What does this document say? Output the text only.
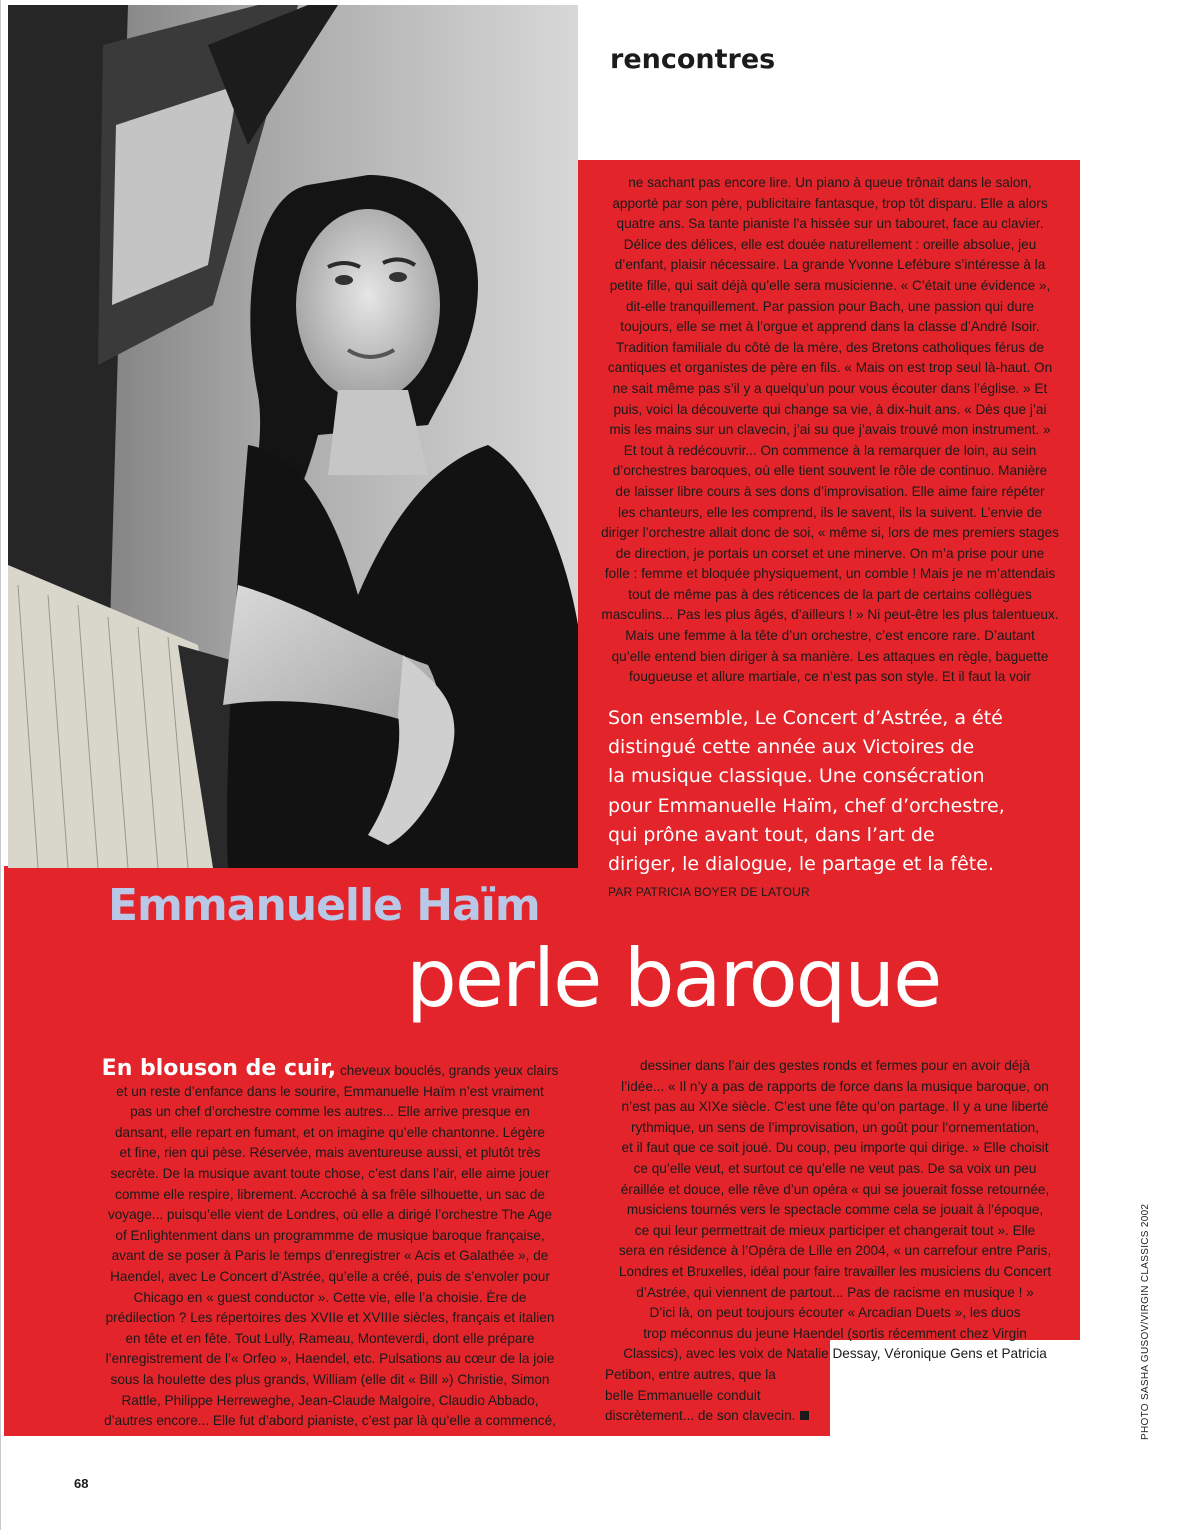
rencontres
ne sachant pas encore lire. Un piano à queue trônait dans le salon,
apporté par son père, publicitaire fantasque, trop tôt disparu. Elle a alors
quatre ans. Sa tante pianiste l’a hissée sur un tabouret, face au clavier.
Délice des délices, elle est douée naturellement : oreille absolue, jeu
d’enfant, plaisir nécessaire. La grande Yvonne Lefébure s’intéresse à la
petite fille, qui sait déjà qu’elle sera musicienne. « C’était une évidence »,
dit-elle tranquillement. Par passion pour Bach, une passion qui dure
toujours, elle se met à l’orgue et apprend dans la classe d’André Isoir.
Tradition familiale du côté de la mère, des Bretons catholiques férus de
cantiques et organistes de père en fils. « Mais on est trop seul là-haut. On
ne sait même pas s’il y a quelqu’un pour vous écouter dans l’église. » Et
puis, voici la découverte qui change sa vie, à dix-huit ans. « Dès que j’ai
mis les mains sur un clavecin, j’ai su que j’avais trouvé mon instrument. »
Et tout à redécouvrir... On commence à la remarquer de loin, au sein
d’orchestres baroques, où elle tient souvent le rôle de continuo. Manière
de laisser libre cours à ses dons d’improvisation. Elle aime faire répéter
les chanteurs, elle les comprend, ils le savent, ils la suivent. L’envie de
diriger l’orchestre allait donc de soi, « même si, lors de mes premiers stages
de direction, je portais un corset et une minerve. On m’a prise pour une
folle : femme et bloquée physiquement, un comble ! Mais je ne m’attendais
tout de même pas à des réticences de la part de certains collègues
masculins... Pas les plus âgés, d’ailleurs ! » Ni peut-être les plus talentueux.
Mais une femme à la tête d’un orchestre, c’est encore rare. D’autant
qu’elle entend bien diriger à sa manière. Les attaques en règle, baguette
fougueuse et allure martiale, ce n’est pas son style. Et il faut la voir
Son ensemble, Le Concert d’Astrée, a été
distingué cette année aux Victoires de
la musique classique. Une consécration
pour Emmanuelle Haïm, chef d’orchestre,
qui prône avant tout, dans l’art de
diriger, le dialogue, le partage et la fête.
PAR PATRICIA BOYER DE LATOUR
Emmanuelle Haïm
perle baroque
En blouson de cuir, cheveux bouclés, grands yeux clairs
et un reste d’enfance dans le sourire, Emmanuelle Haïm n’est vraiment
pas un chef d’orchestre comme les autres... Elle arrive presque en
dansant, elle repart en fumant, et on imagine qu’elle chantonne. Légère
et fine, rien qui pèse. Réservée, mais aventureuse aussi, et plutôt très
secrète. De la musique avant toute chose, c’est dans l’air, elle aime jouer
comme elle respire, librement. Accroché à sa frêle silhouette, un sac de
voyage... puisqu’elle vient de Londres, où elle a dirigé l’orchestre The Age
of Enlightenment dans un programmme de musique baroque française,
avant de se poser à Paris le temps d’enregistrer « Acis et Galathée », de
Haendel, avec Le Concert d’Astrée, qu’elle a créé, puis de s’envoler pour
Chicago en « guest conductor ». Cette vie, elle l’a choisie. Ère de
prédilection ? Les répertoires des XVIIe et XVIIIe siècles, français et italien
en tête et en fête. Tout Lully, Rameau, Monteverdi, dont elle prépare
l’enregistrement de l’« Orfeo », Haendel, etc. Pulsations au cœur de la joie
sous la houlette des plus grands, William (elle dit « Bill ») Christie, Simon
Rattle, Philippe Herreweghe, Jean-Claude Malgoire, Claudio Abbado,
d’autres encore... Elle fut d’abord pianiste, c’est par là qu’elle a commencé,
dessiner dans l’air des gestes ronds et fermes pour en avoir déjà
l’idée... « Il n’y a pas de rapports de force dans la musique baroque, on
n’est pas au XIXe siècle. C’est une fête qu’on partage. Il y a une liberté
rythmique, un sens de l’improvisation, un goût pour l’ornementation,
et il faut que ce soit joué. Du coup, peu importe qui dirige. » Elle choisit
ce qu’elle veut, et surtout ce qu’elle ne veut pas. De sa voix un peu
éraillée et douce, elle rêve d’un opéra « qui se jouerait fosse retournée,
musiciens tournés vers le spectacle comme cela se jouait à l’époque,
ce qui leur permettrait de mieux participer et changerait tout ». Elle
sera en résidence à l’Opéra de Lille en 2004, « un carrefour entre Paris,
Londres et Bruxelles, idéal pour faire travailler les musiciens du Concert
d’Astrée, qui viennent de partout... Pas de racisme en musique ! »
D’ici là, on peut toujours écouter « Arcadian Duets », les duos
trop méconnus du jeune Haendel (sortis récemment chez Virgin
Classics), avec les voix de Natalie Dessay, Véronique Gens et Patricia
Petibon, entre autres, que la
belle Emmanuelle conduit
discrètement... de son clavecin.	PHOTO SASHA GUSOV/VIRGIN CLASSICS 2002
68
